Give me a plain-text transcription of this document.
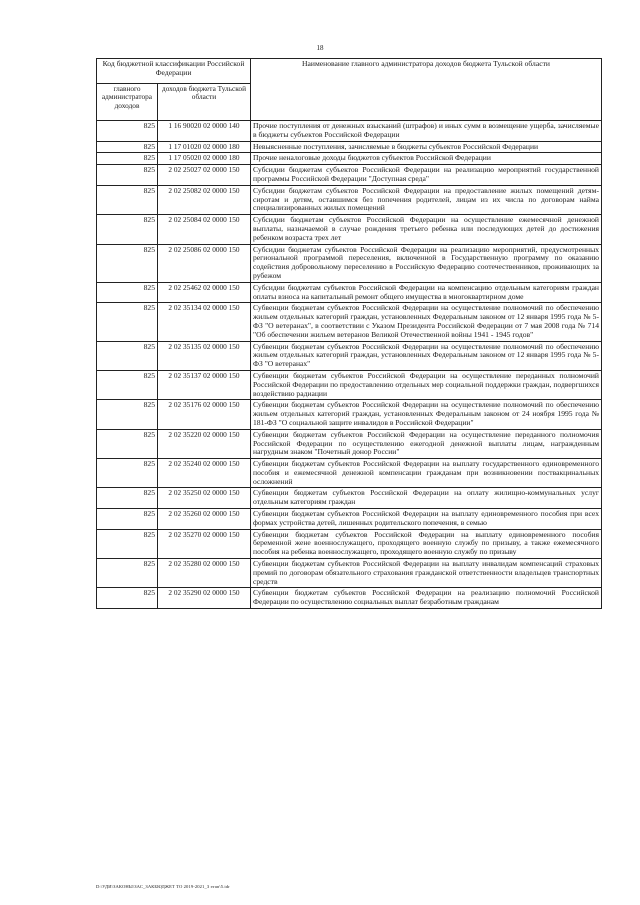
18
Код бюджетной классификации Российской Федерации		Наименование главного администратора доходов бюджета Тульской области
главного администратора доходов	доходов бюджета Тульской области	
825	1 16 90020 02 0000 140	Прочие поступления от денежных взысканий (штрафов) и иных сумм в возмещение ущерба, зачисляемые в бюджеты субъектов Российской Федерации
825	1 17 01020 02 0000 180	Невыясненные поступления, зачисляемые в бюджеты субъектов Российской Федерации
825	1 17 05020 02 0000 180	Прочие неналоговые доходы бюджетов субъектов Российской Федерации
825	2 02 25027 02 0000 150	Субсидии бюджетам субъектов Российской Федерации на реализацию мероприятий государственной программы Российской Федерации "Доступная среда"
825	2 02 25082 02 0000 150	Субсидии бюджетам субъектов Российской Федерации на предоставление жилых помещений детям-сиротам и детям, оставшимся без попечения родителей, лицам из их числа по договорам найма специализированных жилых помещений
825	2 02 25084 02 0000 150	Субсидии бюджетам субъектов Российской Федерации на осуществление ежемесячной денежной выплаты, назначаемой в случае рождения третьего ребенка или последующих детей до достижения ребенком возраста трех лет
825	2 02 25086 02 0000 150	Субсидии бюджетам субъектов Российской Федерации на реализацию мероприятий, предусмотренных региональной программой переселения, включенной в Государственную программу по оказанию содействия добровольному переселению в Российскую Федерацию соотечественников, проживающих за рубежом
825	2 02 25462 02 0000 150	Субсидии бюджетам субъектов Российской Федерации на компенсацию отдельным категориям граждан оплаты взноса на капитальный ремонт общего имущества в многоквартирном доме
825	2 02 35134 02 0000 150	Субвенции бюджетам субъектов Российской Федерации на осуществление полномочий по обеспечению жильем отдельных категорий граждан, установленных Федеральным законом от 12 января 1995 года № 5-ФЗ "О ветеранах", в соответствии с Указом Президента Российской Федерации от 7 мая 2008 года № 714 "Об обеспечении жильем ветеранов Великой Отечественной войны 1941 - 1945 годов"
825	2 02 35135 02 0000 150	Субвенции бюджетам субъектов Российской Федерации на осуществление полномочий по обеспечению жильем отдельных категорий граждан, установленных Федеральным законом от 12 января 1995 года № 5-ФЗ "О ветеранах"
825	2 02 35137 02 0000 150	Субвенции бюджетам субъектов Российской Федерации на осуществление переданных полномочий Российской Федерации по предоставлению отдельных мер социальной поддержки граждан, подвергшихся воздействию радиации
825	2 02 35176 02 0000 150	Субвенции бюджетам субъектов Российской Федерации на осуществление полномочий по обеспечению жильем отдельных категорий граждан, установленных Федеральным законом от 24 ноября 1995 года № 181-ФЗ "О социальной защите инвалидов в Российской Федерации"
825	2 02 35220 02 0000 150	Субвенции бюджетам субъектов Российской Федерации на осуществление переданного полномочия Российской Федерации по осуществлению ежегодной денежной выплаты лицам, награжденным нагрудным знаком "Почетный донор России"
825	2 02 35240 02 0000 150	Субвенции бюджетам субъектов Российской Федерации на выплату государственного единовременного пособия и ежемесячной денежной компенсации гражданам при возникновении поствакцинальных осложнений
825	2 02 35250 02 0000 150	Субвенции бюджетам субъектов Российской Федерации на оплату жилищно-коммунальных услуг отдельным категориям граждан
825	2 02 35260 02 0000 150	Субвенции бюджетам субъектов Российской Федерации на выплату единовременного пособия при всех формах устройства детей, лишенных родительского попечения, в семью
825	2 02 35270 02 0000 150	Субвенции бюджетам субъектов Российской Федерации на выплату единовременного пособия беременной жене военнослужащего, проходящего военную службу по призыву, а также ежемесячного пособия на ребенка военнослужащего, проходящего военную службу по призыву
825	2 02 35280 02 0000 150	Субвенции бюджетам субъектов Российской Федерации на выплату инвалидам компенсаций страховых премий по договорам обязательного страхования гражданской ответственности владельцев транспортных средств
825	2 02 35290 02 0000 150	Субвенции бюджетам субъектов Российской Федерации на реализацию полномочий Российской Федерации по осуществлению социальных выплат безработным гражданам
D:\УДИ\ЗАКОНЫ\ЗАС_ЗАКБЮДЖЕТ ТО 2019-2021_3 этап\5.idr
